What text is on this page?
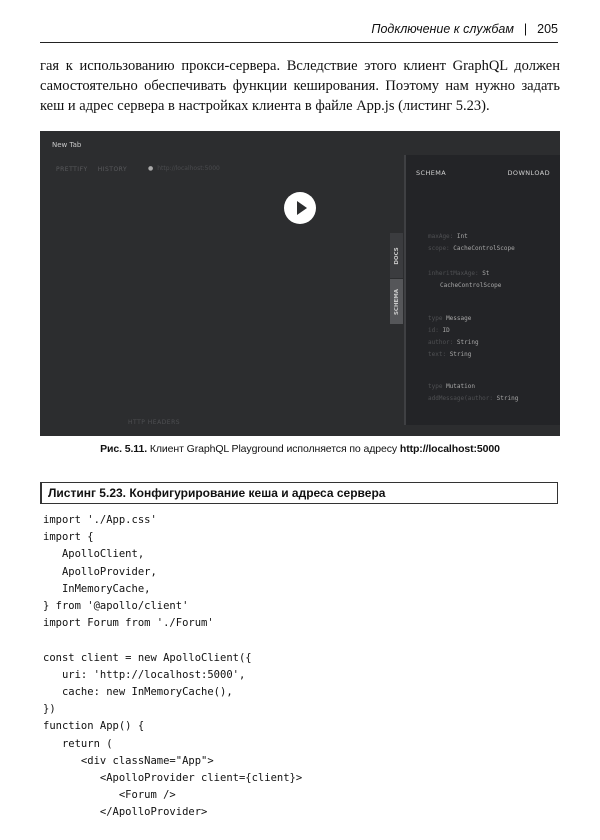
Подключение к службам | 205
гая к использованию прокси-сервера. Вследствие этого клиент GraphQL должен самостоятельно обеспечивать функции кеширования. Поэтому нам нужно задать кеш и адрес сервера в настройках клиента в файле App.js (листинг 5.23).
New Tab
PRETTIFY HISTORY	● http://localhost:5000
HTTP HEADERS
DOCS
SCHEMA
SCHEMA	DOWNLOAD
maxAge: Int
scope: CacheControlScope
inheritMaxAge: St
CacheControlScope
type Message
id: ID
author: String
text: String
type Mutation
addMessage(author: String
Рис. 5.11. Клиент GraphQL Playground исполняется по адресу http://localhost:5000
Листинг 5.23. Конфигурирование кеша и адреса сервера
import './App.css'
import {
ApolloClient,
ApolloProvider,
InMemoryCache,
} from '@apollo/client'
import Forum from './Forum'

const client = new ApolloClient({
uri: 'http://localhost:5000',
cache: new InMemoryCache(),
})
function App() {
return (
<div className="App">
<ApolloProvider client={client}>
<Forum />
</ApolloProvider>
